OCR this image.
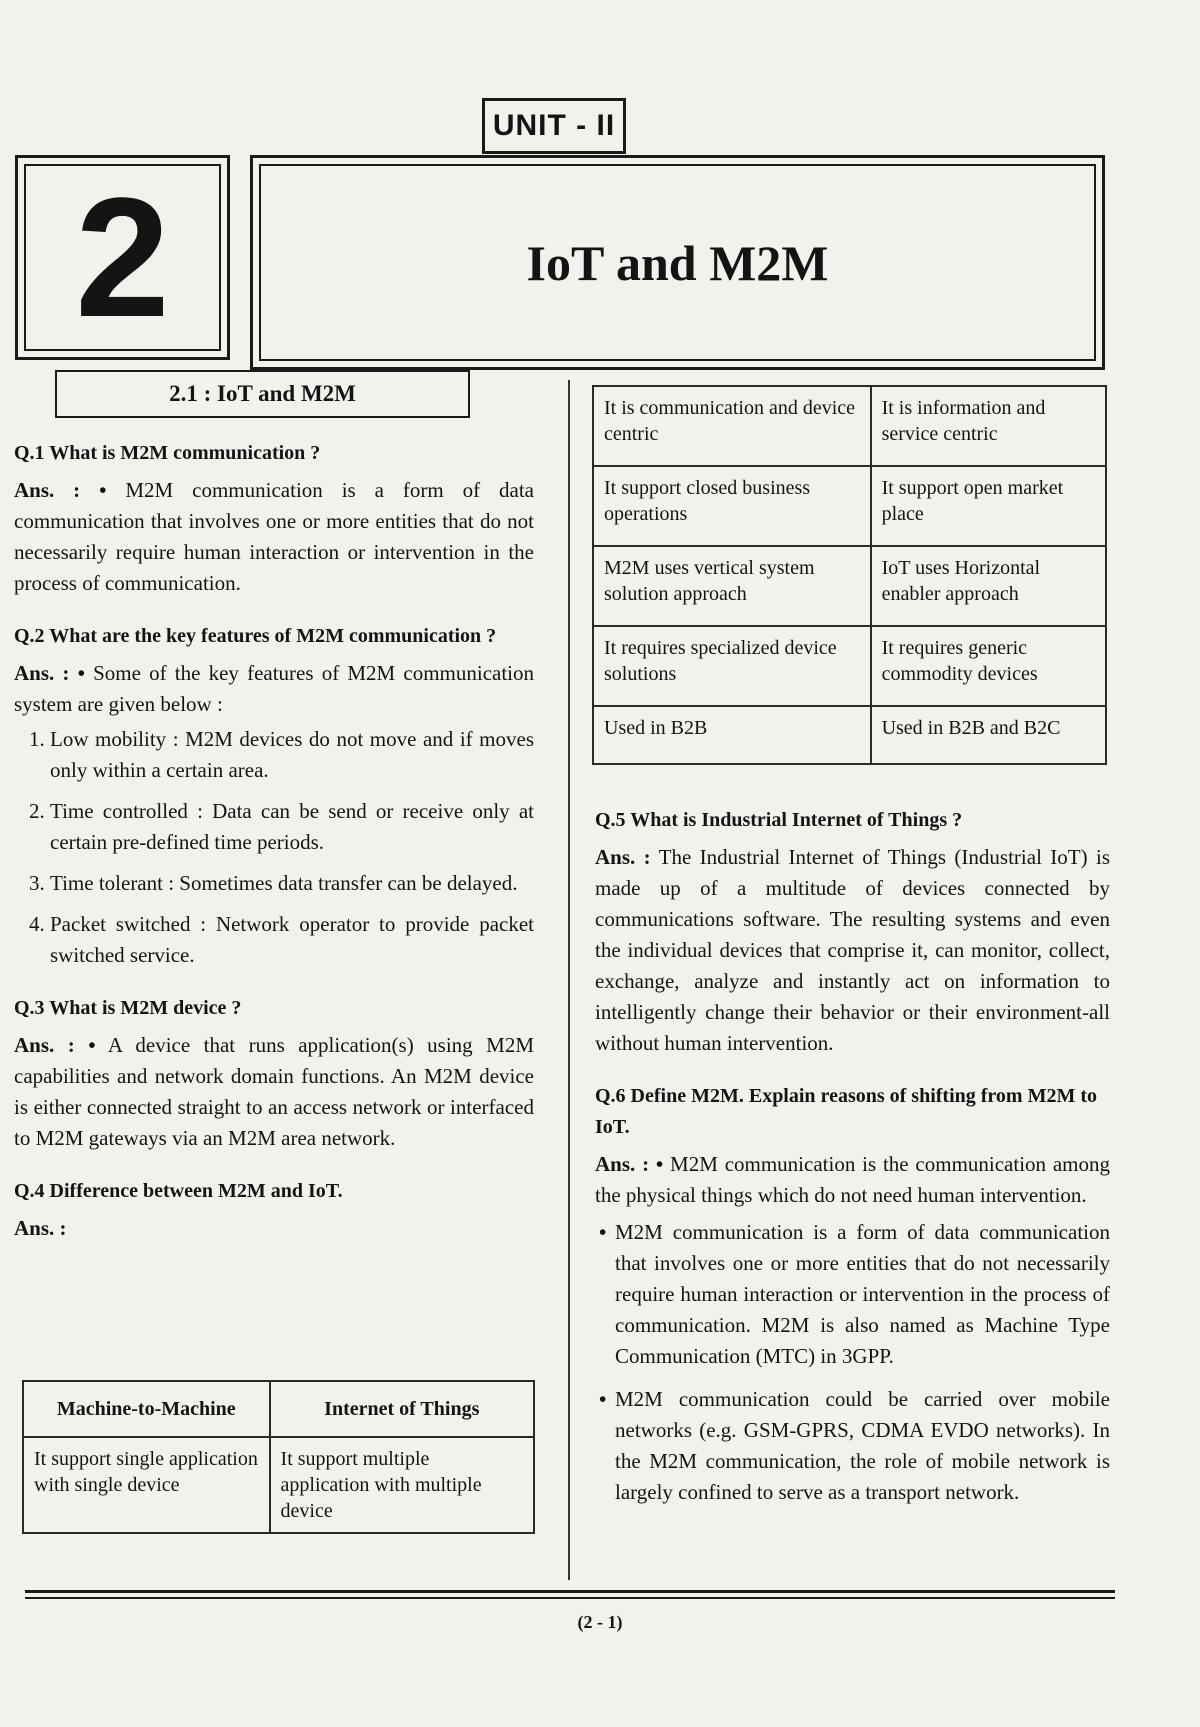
UNIT - II
2	IoT and M2M
2.1 : IoT and M2M

Q.1 What is M2M communication ?

Ans. : • M2M communication is a form of data communication that involves one or more entities that do not necessarily require human interaction or intervention in the process of communication.

Q.2 What are the key features of M2M communication ?

Ans. : • Some of the key features of M2M communication system are given below :

1. Low mobility : M2M devices do not move and if moves only within a certain area.
2. Time controlled : Data can be send or receive only at certain pre-defined time periods.
3. Time tolerant : Sometimes data transfer can be delayed.
4. Packet switched : Network operator to provide packet switched service.

Q.3 What is M2M device ?

Ans. : • A device that runs application(s) using M2M capabilities and network domain functions. An M2M device is either connected straight to an access network or interfaced to M2M gateways via an M2M area network.

Q.4 Difference between M2M and IoT.

Ans. :

Machine-to-Machine	Internet of Things
It support single application with single device	It support multiple application with multiple device
It is communication and device centric	It is information and service centric
It support closed business operations	It support open market place
M2M uses vertical system solution approach	IoT uses Horizontal enabler approach
It requires specialized device solutions	It requires generic commodity devices
Used in B2B	Used in B2B and B2C

Q.5 What is Industrial Internet of Things ?

Ans. : The Industrial Internet of Things (Industrial IoT) is made up of a multitude of devices connected by communications software. The resulting systems and even the individual devices that comprise it, can monitor, collect, exchange, analyze and instantly act on information to intelligently change their behavior or their environment-all without human intervention.

Q.6 Define M2M. Explain reasons of shifting from M2M to IoT.

Ans. : • M2M communication is the communication among the physical things which do not need human intervention.

• M2M communication is a form of data communication that involves one or more entities that do not necessarily require human interaction or intervention in the process of communication. M2M is also named as Machine Type Communication (MTC) in 3GPP.
• M2M communication could be carried over mobile networks (e.g. GSM-GPRS, CDMA EVDO networks). In the M2M communication, the role of mobile network is largely confined to serve as a transport network.
(2 - 1)
